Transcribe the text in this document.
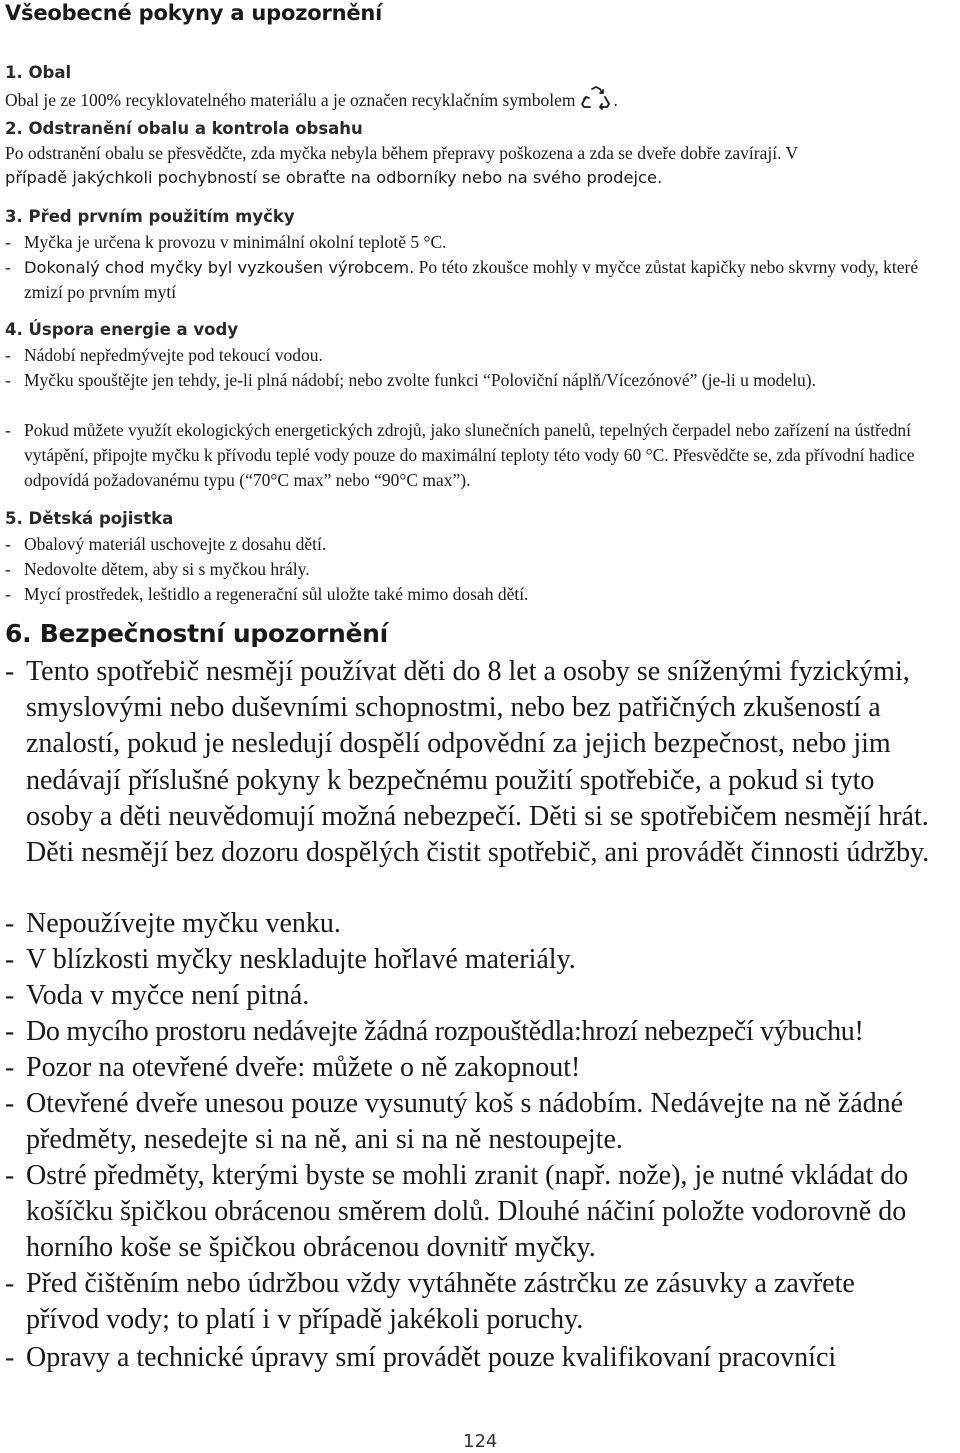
Všeobecné pokyny a upozornění
1. Obal
Obal je ze 100% recyklovatelného materiálu a je označen recyklačním symbolem .
2. Odstranění obalu a kontrola obsahu
Po odstranění obalu se přesvědčte, zda myčka nebyla během přepravy poškozena a zda se dveře dobře zavírají. V
případě jakýchkoli pochybností se obraťte na odborníky nebo na svého prodejce.
3. Před prvním použitím myčky
- Myčka je určena k provozu v minimální okolní teplotě 5 °C.
- Dokonalý chod myčky byl vyzkoušen výrobcem. Po této zkoušce mohly v myčce zůstat kapičky nebo skvrny vody, které zmizí po prvním mytí
4. Úspora energie a vody
- Nádobí nepředmývejte pod tekoucí vodou.
- Myčku spouštějte jen tehdy, je-li plná nádobí; nebo zvolte funkci “Poloviční náplň/Vícezónové” (je-li u modelu).
- Pokud můžete využít ekologických energetických zdrojů, jako slunečních panelů, tepelných čerpadel nebo zařízení na ústřední vytápění, připojte myčku k přívodu teplé vody pouze do maximální teploty této vody 60 °C. Přesvědčte se, zda přívodní hadice odpovídá požadovanému typu (“70°C max” nebo “90°C max”).
5. Dětská pojistka
- Obalový materiál uschovejte z dosahu dětí.
- Nedovolte dětem, aby si s myčkou hrály.
- Mycí prostředek, leštidlo a regenerační sůl uložte také mimo dosah dětí.
6. Bezpečnostní upozornění
- Tento spotřebič nesmějí používat děti do 8 let a osoby se sníženými fyzickými, smyslovými nebo duševními schopnostmi, nebo bez patřičných zkušeností a znalostí, pokud je nesledují dospělí odpovědní za jejich bezpečnost, nebo jim nedávají příslušné pokyny k bezpečnému použití spotřebiče, a pokud si tyto osoby a děti neuvědomují možná nebezpečí. Děti si se spotřebičem nesmějí hrát. Děti nesmějí bez dozoru dospělých čistit spotřebič, ani provádět činnosti údržby.
- Nepoužívejte myčku venku.
- V blízkosti myčky neskladujte hořlavé materiály.
- Voda v myčce není pitná.
- Do mycího prostoru nedávejte žádná rozpouštědla:hrozí nebezpečí výbuchu!
- Pozor na otevřené dveře: můžete o ně zakopnout!
- Otevřené dveře unesou pouze vysunutý koš s nádobím. Nedávejte na ně žádné předměty, nesedejte si na ně, ani si na ně nestoupejte.
- Ostré předměty, kterými byste se mohli zranit (např. nože), je nutné vkládat do košíčku špičkou obrácenou směrem dolů. Dlouhé náčiní položte vodorovně do horního koše se špičkou obrácenou dovnitř myčky.
- Před čištěním nebo údržbou vždy vytáhněte zástrčku ze zásuvky a zavřete přívod vody; to platí i v případě jakékoli poruchy.
- Opravy a technické úpravy smí provádět pouze kvalifikovaní pracovníci
124
